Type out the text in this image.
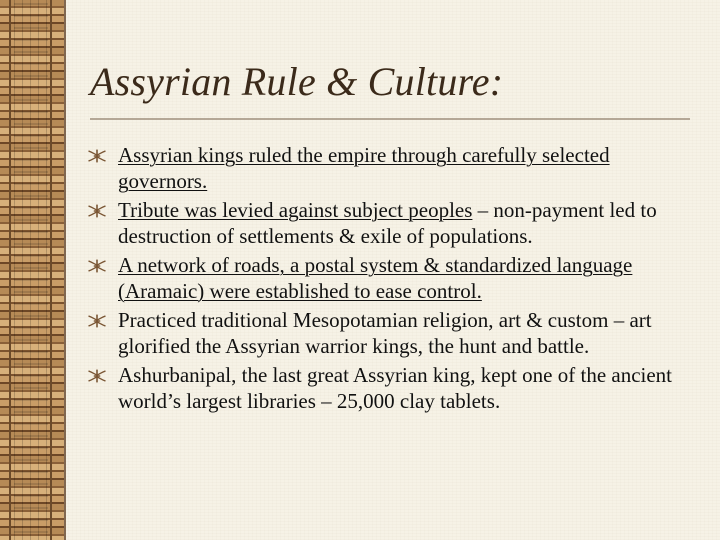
Assyrian Rule & Culture:
Assyrian kings ruled the empire through carefully selected governors.
Tribute was levied against subject peoples – non-payment led to destruction of settlements & exile of populations.
A network of roads, a postal system & standardized language (Aramaic) were established to ease control.
Practiced traditional Mesopotamian religion, art & custom – art glorified the Assyrian warrior kings, the hunt and battle.
Ashurbanipal, the last great Assyrian king, kept one of the ancient world’s largest libraries – 25,000 clay tablets.
